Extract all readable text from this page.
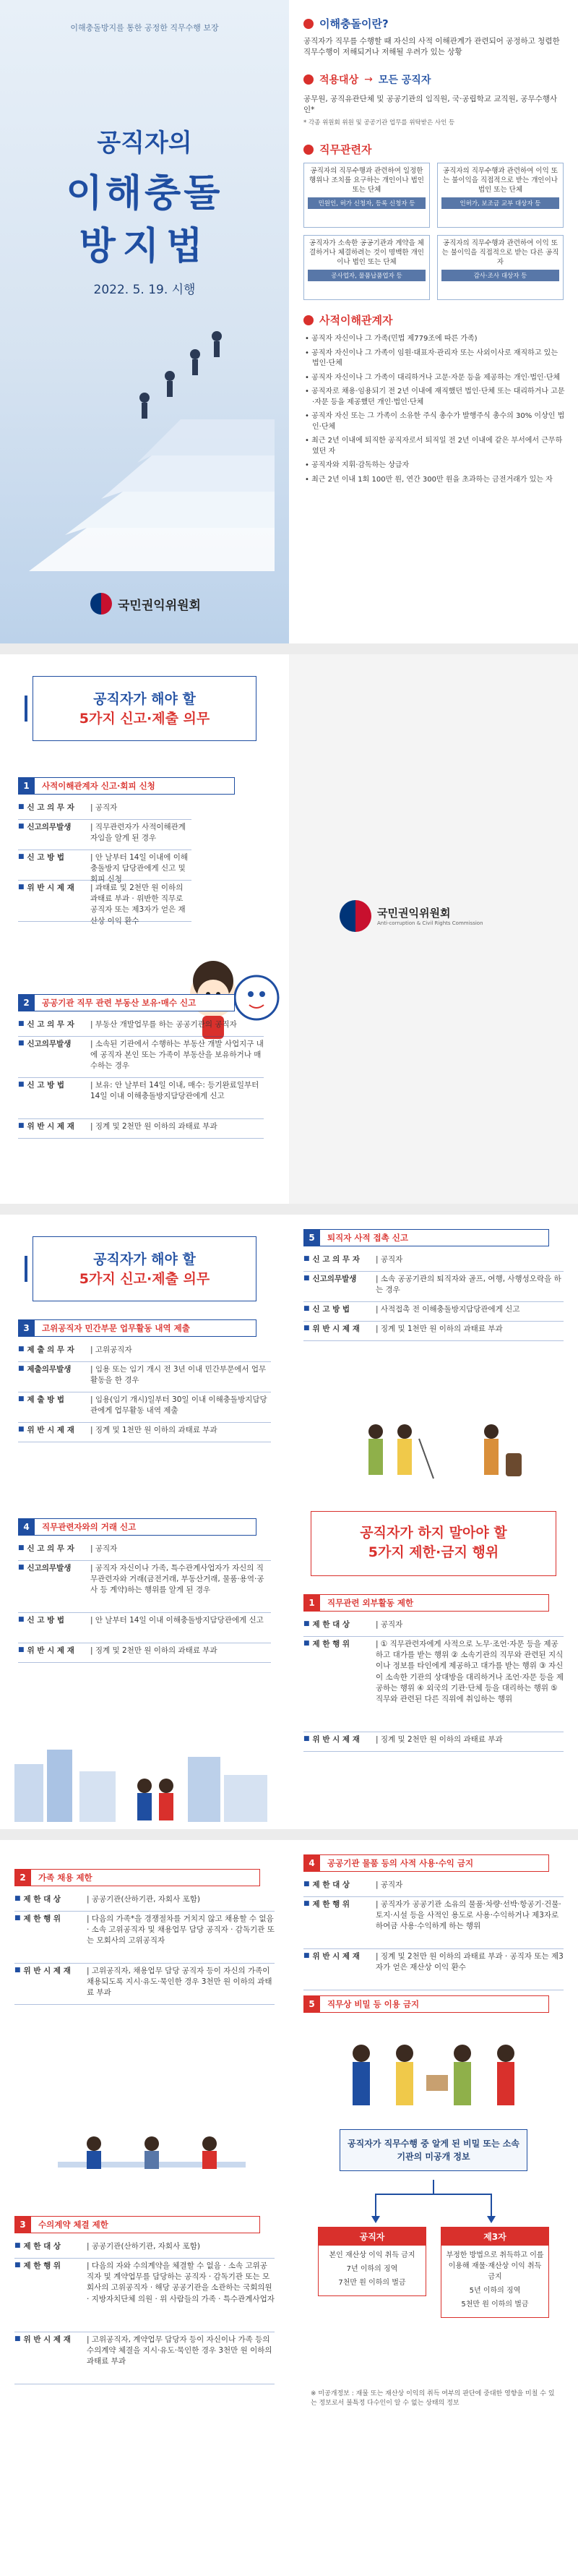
이해충돌방지를 통한 공정한 직무수행 보장
공직자의
이해충돌
방지법
2022. 5. 19. 시행
국민권익위원회
이해충돌이란?
공직자가 직무를 수행할 때 자신의 사적 이해관계가 관련되어 공정하고 청렴한 직무수행이 저해되거나 저해될 우려가 있는 상황
적용대상 → 모든 공직자
공무원, 공직유관단체 및 공공기관의 임직원, 국·공립학교 교직원, 공무수행사인*
* 각종 위원회 위원 및 공공기관 업무를 위탁받은 사인 등
직무관련자
공직자의 직무수행과 관련하여 일정한 행위나 조치를 요구하는 개인이나 법인 또는 단체
민원인, 허가 신청자, 등록 신청자 등
공직자의 직무수행과 관련하여 이익 또는 불이익을 직접적으로 받는 개인이나 법인 또는 단체
인허가, 보조금 교부 대상자 등
공직자가 소속한 공공기관과 계약을 체결하거나 체결하려는 것이 명백한 개인이나 법인 또는 단체
공사업자, 물품납품업자 등
공직자의 직무수행과 관련하여 이익 또는 불이익을 직접적으로 받는 다른 공직자
감사·조사 대상자 등
사적이해관계자
• 공직자 자신이나 그 가족(민법 제779조에 따른 가족)
• 공직자 자신이나 그 가족이 임원·대표자·관리자 또는 사외이사로 재직하고 있는 법인·단체
• 공직자 자신이나 그 가족이 대리하거나 고문·자문 등을 제공하는 개인·법인·단체
• 공직자로 채용·임용되기 전 2년 이내에 재직했던 법인·단체 또는 대리하거나 고문·자문 등을 제공했던 개인·법인·단체
• 공직자 자신 또는 그 가족이 소유한 주식 총수가 발행주식 총수의 30% 이상인 법인·단체
• 최근 2년 이내에 퇴직한 공직자로서 퇴직일 전 2년 이내에 같은 부서에서 근무하였던 자
• 공직자와 지휘·감독하는 상급자
• 최근 2년 이내 1회 100만 원, 연간 300만 원을 초과하는 금전거래가 있는 자
공직자가 해야 할
5가지 신고·제출 의무
1	사적이해관계자 신고·회피 신청
■ 신 고 의 무 자	| 공직자
■ 신고의무발생	| 직무관련자가 사적이해관계자임을 알게 된 경우
■ 신 고 방 법	| 안 날부터 14일 이내에 이해충돌방지 담당관에게 신고 및 회피 신청
■ 위 반 시 제 재	| 과태료 및 2천만 원 이하의 과태료 부과 · 위반한 직무로 공직자 또는 제3자가 얻은 재산상 이익 환수
2	공공기관 직무 관련 부동산 보유·매수 신고
■ 신 고 의 무 자	| 부동산 개발업무를 하는 공공기관의 공직자
■ 신고의무발생	| 소속된 기관에서 수행하는 부동산 개발 사업지구 내에 공직자 본인 또는 가족이 부동산을 보유하거나 매수하는 경우
■ 신 고 방 법	| 보유: 안 날부터 14일 이내, 매수: 등기완료일부터 14일 이내 이해충돌방지담당관에게 신고
■ 위 반 시 제 재	| 징계 및 2천만 원 이하의 과태료 부과
국민권익위원회
Anti-corruption & Civil Rights Commission
공직자가 해야 할
5가지 신고·제출 의무
3	고위공직자 민간부문 업무활동 내역 제출
■ 제 출 의 무 자	| 고위공직자
■ 제출의무발생	| 임용 또는 임기 개시 전 3년 이내 민간부문에서 업무활동을 한 경우
■ 제 출 방 법	| 임용(임기 개시)일부터 30일 이내 이해충돌방지담당관에게 업무활동 내역 제출
■ 위 반 시 제 재	| 징계 및 1천만 원 이하의 과태료 부과
4	직무관련자와의 거래 신고
■ 신 고 의 무 자	| 공직자
■ 신고의무발생	| 공직자 자신이나 가족, 특수관계사업자가 자신의 직무관련자와 거래(금전거래, 부동산거래, 물품·용역·공사 등 계약)하는 행위를 알게 된 경우
■ 신 고 방 법	| 안 날부터 14일 이내 이해충돌방지담당관에게 신고
■ 위 반 시 제 재	| 징계 및 2천만 원 이하의 과태료 부과
5	퇴직자 사적 접촉 신고
■ 신 고 의 무 자	| 공직자
■ 신고의무발생	| 소속 공공기관의 퇴직자와 골프, 여행, 사행성오락을 하는 경우
■ 신 고 방 법	| 사적접촉 전 이해충돌방지담당관에게 신고
■ 위 반 시 제 재	| 징계 및 1천만 원 이하의 과태료 부과
공직자가 하지 말아야 할
5가지 제한·금지 행위
1	직무관련 외부활동 제한
■ 제 한 대 상	| 공직자
■ 제 한 행 위	| ① 직무관련자에게 사적으로 노무·조언·자문 등을 제공하고 대가를 받는 행위 ② 소속기관의 직무와 관련된 지식이나 정보를 타인에게 제공하고 대가를 받는 행위 ③ 자신이 소속한 기관의 상대방을 대리하거나 조언·자문 등을 제공하는 행위 ④ 외국의 기관·단체 등을 대리하는 행위 ⑤ 직무와 관련된 다른 직위에 취임하는 행위
■ 위 반 시 제 재	| 징계 및 2천만 원 이하의 과태료 부과
2	가족 채용 제한
■ 제 한 대 상	| 공공기관(산하기관, 자회사 포함)
■ 제 한 행 위	| 다음의 가족*을 경쟁절차를 거치지 않고 채용할 수 없음 · 소속 고위공직자 및 채용업무 담당 공직자 · 감독기관 또는 모회사의 고위공직자
■ 위 반 시 제 재	| 고위공직자, 채용업무 담당 공직자 등이 자신의 가족이 채용되도록 지시·유도·묵인한 경우 3천만 원 이하의 과태료 부과
3	수의계약 체결 제한
■ 제 한 대 상	| 공공기관(산하기관, 자회사 포함)
■ 제 한 행 위	| 다음의 자와 수의계약을 체결할 수 없음 · 소속 고위공직자 및 계약업무를 담당하는 공직자 · 감독기관 또는 모회사의 고위공직자 · 해당 공공기관을 소관하는 국회의원 · 지방자치단체 의원 · 위 사람들의 가족 · 특수관계사업자
■ 위 반 시 제 재	| 고위공직자, 계약업무 담당자 등이 자신이나 가족 등의 수의계약 체결을 지시·유도·묵인한 경우 3천만 원 이하의 과태료 부과
4	공공기관 물품 등의 사적 사용·수익 금지
■ 제 한 대 상	| 공직자
■ 제 한 행 위	| 공직자가 공공기관 소유의 물품·차량·선박·항공기·건물·토지·시설 등을 사적인 용도로 사용·수익하거나 제3자로 하여금 사용·수익하게 하는 행위
■ 위 반 시 제 재	| 징계 및 2천만 원 이하의 과태료 부과 · 공직자 또는 제3자가 얻은 재산상 이익 환수
5	직무상 비밀 등 이용 금지
공직자가 직무수행 중 알게 된 비밀 또는 소속기관의 미공개 정보
공직자
본인 재산상 이익 취득 금지
7년 이하의 징역
7천만 원 이하의 벌금
제3자
부정한 방법으로 취득하고 이를 이용해 재물·재산상 이익 취득 금지
5년 이하의 징역
5천만 원 이하의 벌금
※ 미공개정보 : 재물 또는 재산상 이익의 취득 여부의 판단에 중대한 영향을 미칠 수 있는 정보로서 불특정 다수인이 알 수 없는 상태의 정보
